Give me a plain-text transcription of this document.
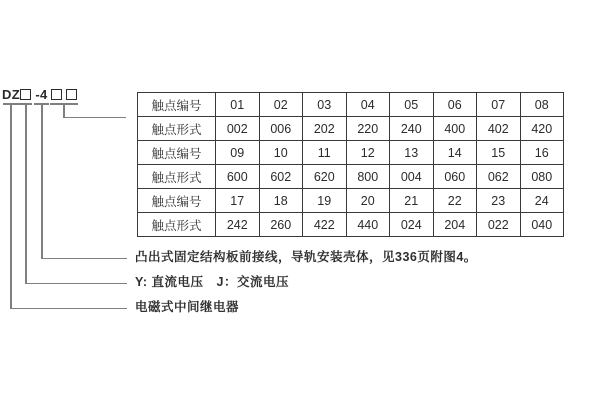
DZ -4
触点编号	01	02	03	04	05	06	07	08
触点形式	002	006	202	220	240	400	402	420
触点编号	09	10	11	12	13	14	15	16
触点形式	600	602	620	800	004	060	062	080
触点编号	17	18	19	20	21	22	23	24
触点形式	242	260	422	440	024	204	022	040
凸出式固定结构板前接线，导轨安装壳体，见336页附图4。
Y: 直流电压　J：交流电压
电磁式中间继电器
